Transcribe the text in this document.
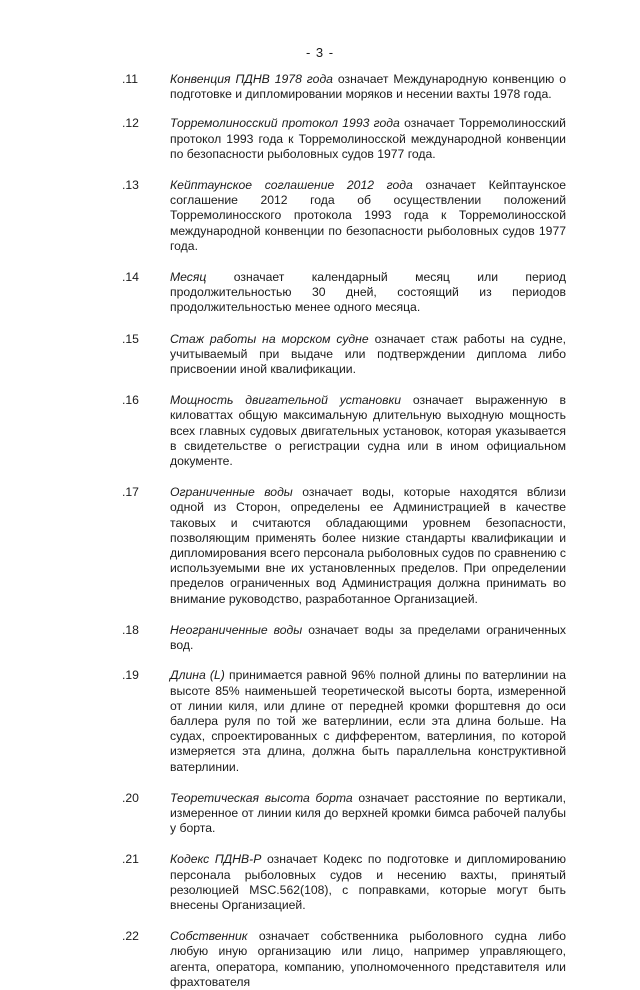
- 3 -
.11	Конвенция ПДНВ 1978 года означает Международную конвенцию о подготовке и дипломировании моряков и несении вахты 1978 года.
.12	Торремолиносский протокол 1993 года означает Торремолиносский протокол 1993 года к Торремолиносской международной конвенции по безопасности рыболовных судов 1977 года.
.13	Кейптаунское соглашение 2012 года означает Кейптаунское соглашение 2012 года об осуществлении положений Торремолиносского протокола 1993 года к Торремолиносской международной конвенции по безопасности рыболовных судов 1977 года.
.14	Месяц означает календарный месяц или период продолжительностью 30 дней, состоящий из периодов продолжительностью менее одного месяца.
.15	Стаж работы на морском судне означает стаж работы на судне, учитываемый при выдаче или подтверждении диплома либо присвоении иной квалификации.
.16	Мощность двигательной установки означает выраженную в киловаттах общую максимальную длительную выходную мощность всех главных судовых двигательных установок, которая указывается в свидетельстве о регистрации судна или в ином официальном документе.
.17	Ограниченные воды означает воды, которые находятся вблизи одной из Сторон, определены ее Администрацией в качестве таковых и считаются обладающими уровнем безопасности, позволяющим применять более низкие стандарты квалификации и дипломирования всего персонала рыболовных судов по сравнению с используемыми вне их установленных пределов. При определении пределов ограниченных вод Администрация должна принимать во внимание руководство, разработанное Организацией.
.18	Неограниченные воды означает воды за пределами ограниченных вод.
.19	Длина (L) принимается равной 96% полной длины по ватерлинии на высоте 85% наименьшей теоретической высоты борта, измеренной от линии киля, или длине от передней кромки форштевня до оси баллера руля по той же ватерлинии, если эта длина больше. На судах, спроектированных с дифферентом, ватерлиния, по которой измеряется эта длина, должна быть параллельна конструктивной ватерлинии.
.20	Теоретическая высота борта означает расстояние по вертикали, измеренное от линии киля до верхней кромки бимса рабочей палубы у борта.
.21	Кодекс ПДНВ-Р означает Кодекс по подготовке и дипломированию персонала рыболовных судов и несению вахты, принятый резолюцией MSC.562(108), с поправками, которые могут быть внесены Организацией.
.22	Собственник означает собственника рыболовного судна либо любую иную организацию или лицо, например управляющего, агента, оператора, компанию, уполномоченного представителя или фрахтователя
